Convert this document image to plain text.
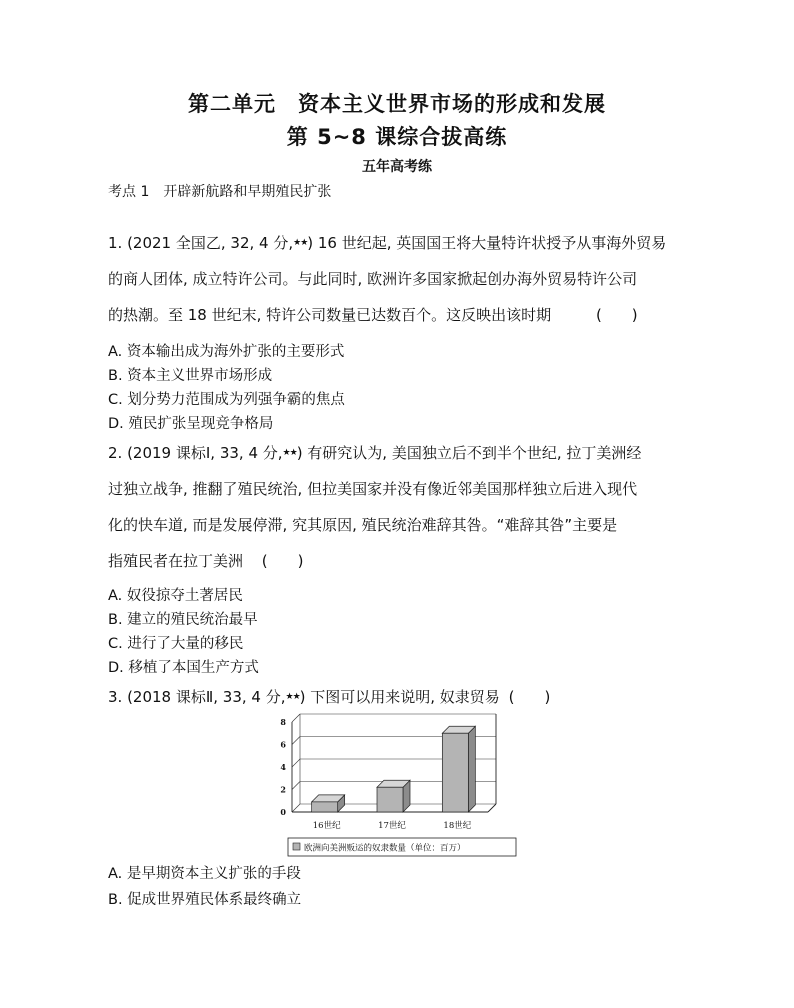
第二单元　资本主义世界市场的形成和发展
第 5~8 课综合拔高练
五年高考练
考点 1　开辟新航路和早期殖民扩张
1. (2021 全国乙, 32, 4 分,★★) 16 世纪起, 英国国王将大量特许状授予从事海外贸易
的商人团体, 成立特许公司。与此同时, 欧洲许多国家掀起创办海外贸易特许公司
的热潮。至 18 世纪末, 特许公司数量已达数百个。这反映出该时期	(　　)
A. 资本输出成为海外扩张的主要形式
B. 资本主义世界市场形成
C. 划分势力范围成为列强争霸的焦点
D. 殖民扩张呈现竞争格局
2. (2019 课标Ⅰ, 33, 4 分,★★) 有研究认为, 美国独立后不到半个世纪, 拉丁美洲经
过独立战争, 推翻了殖民统治, 但拉美国家并没有像近邻美国那样独立后进入现代
化的快车道, 而是发展停滞, 究其原因, 殖民统治难辞其咎。“难辞其咎”主要是
指殖民者在拉丁美洲 (　　)
A. 奴役掠夺土著居民
B. 建立的殖民统治最早
C. 进行了大量的移民
D. 移植了本国生产方式
3. (2018 课标Ⅱ, 33, 4 分,★★) 下图可以用来说明, 奴隶贸易 (　　)
0
2
4
6
8
16世纪	17世纪	18世纪
欧洲向美洲贩运的奴隶数量（单位：百万）
A. 是早期资本主义扩张的手段
B. 促成世界殖民体系最终确立
